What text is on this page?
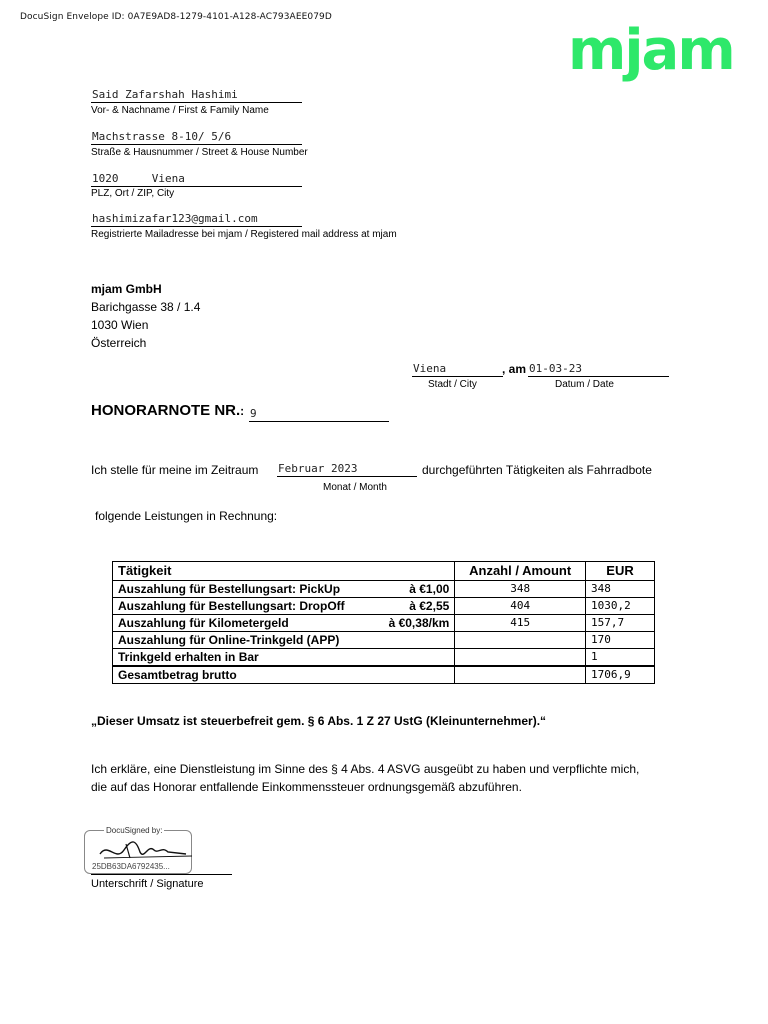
DocuSign Envelope ID: 0A7E9AD8-1279-4101-A128-AC793AEE079D
mjam
Said Zafarshah Hashimi
Vor- & Nachname / First & Family Name
Machstrasse 8-10/ 5/6
Straße & Hausnummer / Street & House Number
1020	Viena
PLZ, Ort / ZIP, City
hashimizafar123@gmail.com
Registrierte Mailadresse bei mjam / Registered mail address at mjam
mjam GmbH
Barichgasse 38 / 1.4
1030 Wien
Österreich
Viena	, am 01-03-23
Stadt / City	Datum / Date
HONORARNOTE NR.: 9
Ich stelle für meine im Zeitraum Februar 2023	durchgeführten Tätigkeiten als Fahrradbote
Monat / Month
folgende Leistungen in Rechnung:
Tätigkeit	Anzahl / Amount	EUR

Auszahlung für Bestellungsart: PickUp à €1,00	348	348

Auszahlung für Bestellungsart: DropOff à €2,55	404	1030,2

Auszahlung für Kilometergeld à €0,38/km	415	157,7

Auszahlung für Online-Trinkgeld (APP)		170

Trinkgeld erhalten in Bar		1
Gesamtbetrag brutto		1706,9
„Dieser Umsatz ist steuerbefreit gem. § 6 Abs. 1 Z 27 UstG (Kleinunternehmer).“
Ich erkläre, eine Dienstleistung im Sinne des § 4 Abs. 4 ASVG ausgeübt zu haben und verpflichte mich,
die auf das Honorar entfallende Einkommenssteuer ordnungsgemäß abzuführen.
DocuSigned by:
25DB63DA6792435...
Unterschrift / Signature
